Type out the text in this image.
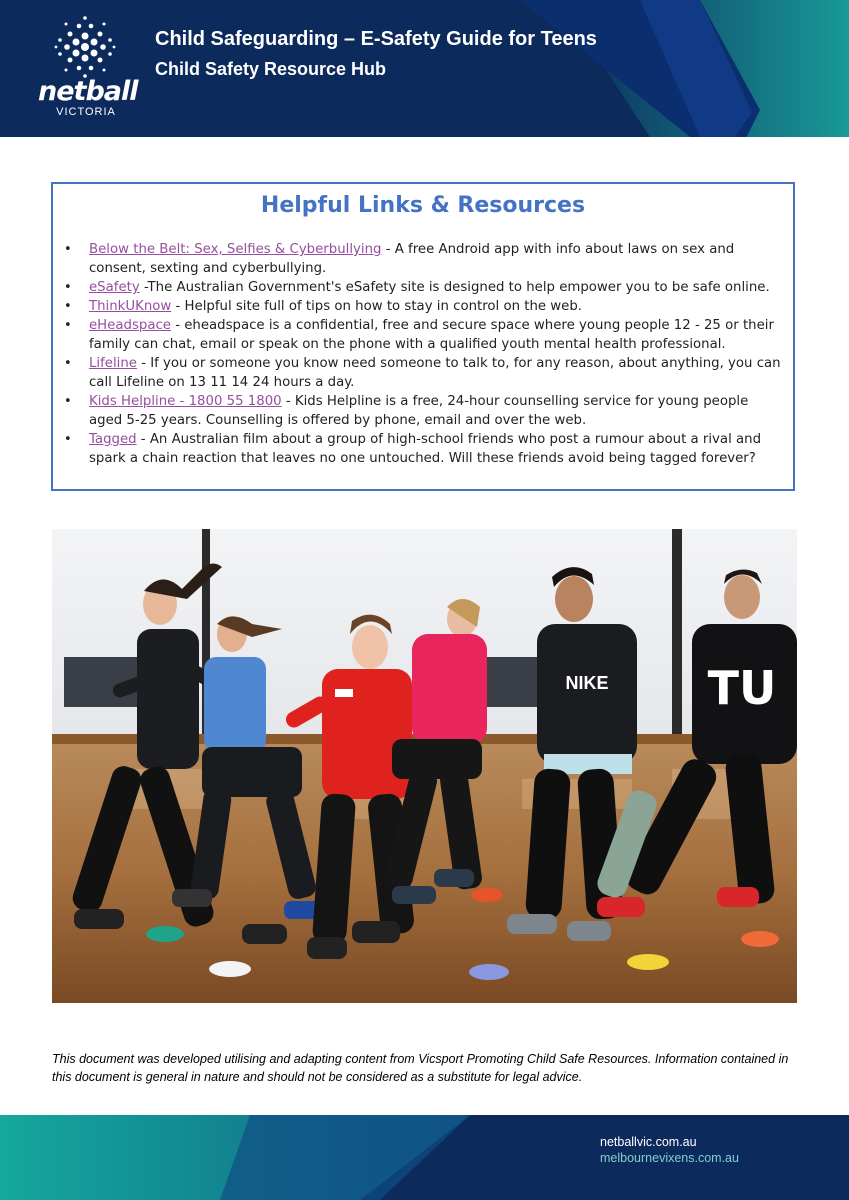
netball
VICTORIA
Child Safeguarding – E-Safety Guide for Teens
Child Safety Resource Hub
Helpful Links & Resources
• Below the Belt: Sex, Selfies & Cyberbullying - A free Android app with info about laws on sex and consent, sexting and cyberbullying.
• eSafety -The Australian Government's eSafety site is designed to help empower you to be safe online.
• ThinkUKnow - Helpful site full of tips on how to stay in control on the web.
• eHeadspace - eheadspace is a confidential, free and secure space where young people 12 - 25 or their family can chat, email or speak on the phone with a qualified youth mental health professional.
• Lifeline - If you or someone you know need someone to talk to, for any reason, about anything, you can call Lifeline on 13 11 14 24 hours a day.
• Kids Helpline - 1800 55 1800 - Kids Helpline is a free, 24-hour counselling service for young people aged 5-25 years. Counselling is offered by phone, email and over the web.
• Tagged - An Australian film about a group of high-school friends who post a rumour about a rival and spark a chain reaction that leaves no one untouched. Will these friends avoid being tagged forever?
NIKE TU
This document was developed utilising and adapting content from Vicsport Promoting Child Safe Resources. Information contained in this document is general in nature and should not be considered as a substitute for legal advice.
netballvic.com.au
melbournevixens.com.au
